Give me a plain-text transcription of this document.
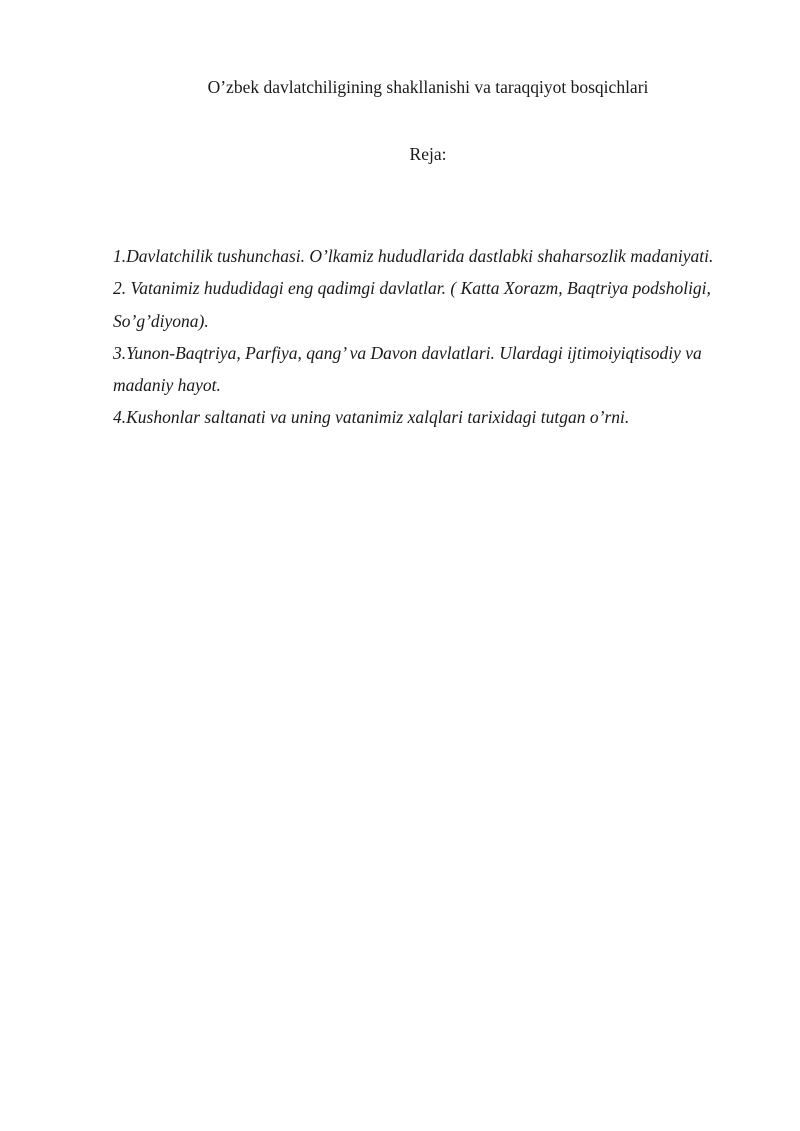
O’zbek davlatchiligining shakllanishi va taraqqiyot bosqichlari
Reja:

1.Davlatchilik tushunchasi. O’lkamiz hududlarida dastlabki shaharsozlik madaniyati.

2. Vatanimiz hududidagi eng qadimgi davlatlar. ( Katta Xorazm, Baqtriya podsholigi, So’g’diyona).

3.Yunon-Baqtriya, Parfiya, qang’ va Davon davlatlari. Ulardagi ijtimoiyiqtisodiy va madaniy hayot.

4.Kushonlar saltanati va uning vatanimiz xalqlari tarixidagi tutgan o’rni.
